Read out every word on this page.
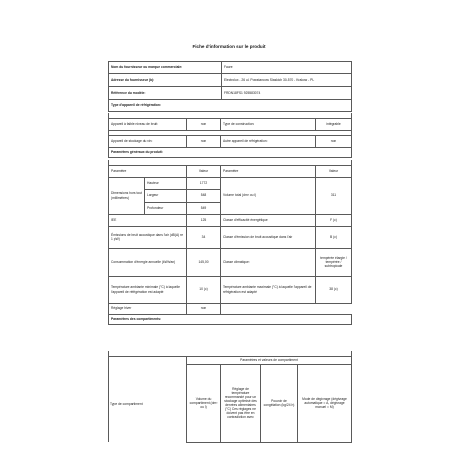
Fiche d'information sur le produit
Nom du fournisseur ou marque commerciale:	Faure
Adresse du fournisseur (b):	Electrolux - 26 ul. Powstancow Slaskich 30-570 - Krakow - PL
Référence du modèle:	FRDN18FS1 925583074
Type d'appareil de réfrigération:	

Appareil à faible niveau de bruit:	non	Type de construction:	intégrable

Appareil de stockage du vin:	non	Autre appareil de réfrigération:	non
Paramètres généraux du produit:			

Paramètre		Valeur	Paramètre	Valeur
Dimensions hors tout (millimètres)	Hauteur	1772	Volume total (dm³ ou l)	311
	Largeur	548		
	Profondeur	549		
IEE		125	Classe d'efficacité énergétique	F (c)
Émissions de bruit acoustique dans l'air (dB(A) re 1 pW)		34	Classe d'émission de bruit acoustique dans l'air	B (c)
Consommation d'énergie annuelle (kWh/an)		145,00	Classe climatique:	tempérée élargie / tempérée / subtropicale
Température ambiante minimale (°C) à laquelle l'appareil de réfrigération est adapté		10 (c)	Température ambiante maximale (°C) à laquelle l'appareil de réfrigération est adapté	38 (c)
Réglage hiver		non		
Paramètres des compartiments:				

	Paramètres et valeurs de compartiment			
	Volume du compartiment (dm³ ou l)	Réglage de température recommandé pour un stockage optimisé des denrées alimentaires (°C) Ces réglages ne doivent pas être en contradiction avec	Pouvoir de congélation (kg/24 h)	Mode de dégivrage (dégivrage automatique = A, dégivrage manuel = M)
Type de compartiment
